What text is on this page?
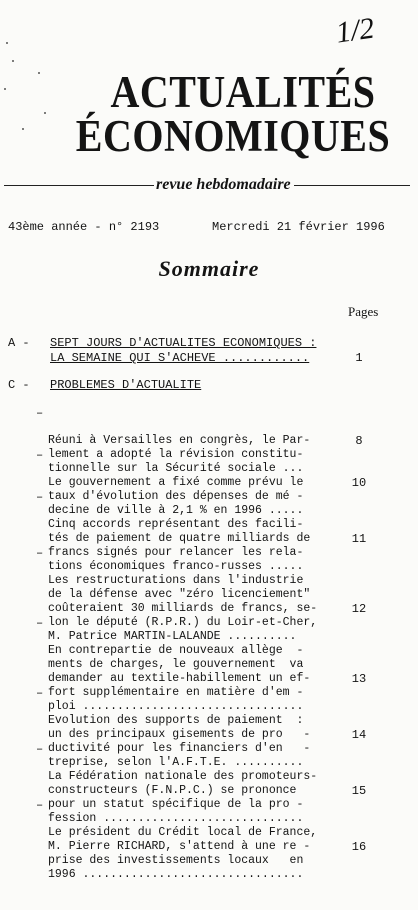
1/2
ACTUALITÉS
ÉCONOMIQUES
revue hebdomadaire
43ème année - n° 2193	Mercredi 21 février 1996
Sommaire
Pages
A - SEPT JOURS D'ACTUALITES ECONOMIQUES :
LA SEMAINE QUI S'ACHEVE ............	1
C - PROBLEMES D'ACTUALITE
–

Réuni à Versailles en congrès, le Par-
lement a adopté la révision constitu-
tionnelle sur la Sécurité sociale ...

8
–

Le gouvernement a fixé comme prévu le
taux d'évolution des dépenses de mé -
decine de ville à 2,1 % en 1996 .....

10
–

Cinq accords représentant des facili-
tés de paiement de quatre milliards de
francs signés pour relancer les rela-
tions économiques franco-russes .....

11
–

Les restructurations dans l'industrie
de la défense avec "zéro licenciement"
coûteraient 30 milliards de francs, se-
lon le député (R.P.R.) du Loir-et-Cher,
M. Patrice MARTIN-LALANDE ..........

12
–

En contrepartie de nouveaux allège  -
ments de charges, le gouvernement  va
demander au textile-habillement un ef-
fort supplémentaire en matière d'em -
ploi ................................

13
–

Evolution des supports de paiement  :
un des principaux gisements de pro   -
ductivité pour les financiers d'en   -
treprise, selon l'A.F.T.E. ..........

14
–

La Fédération nationale des promoteurs-
constructeurs (F.N.P.C.) se prononce
pour un statut spécifique de la pro -
fession .............................

15
–

Le président du Crédit local de France,
M. Pierre RICHARD, s'attend à une re -
prise des investissements locaux   en
1996 ................................

16
